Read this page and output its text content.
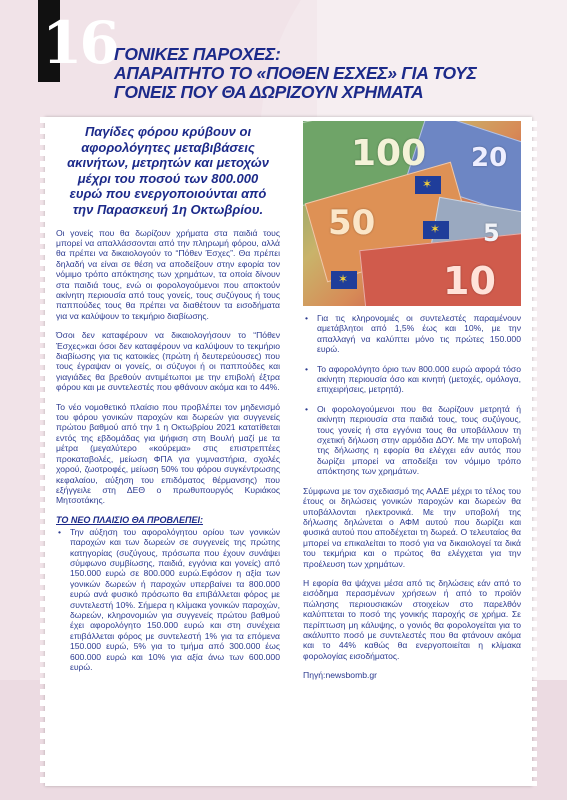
16
ΓΟΝΙΚΕΣ ΠΑΡΟΧΕΣ:
ΑΠΑΡΑΙΤΗΤΟ ΤΟ «ΠΟΘΕΝ ΕΣΧΕΣ» ΓΙΑ ΤΟΥΣ
ΓΟΝΕΙΣ ΠΟΥ ΘΑ ΔΩΡΙΖΟΥΝ ΧΡΗΜΑΤΑ
Παγίδες φόρου κρύβουν οι αφορολόγητες μεταβιβάσεις ακινήτων, μετρητών και μετοχών μέχρι του ποσού των 800.000 ευρώ που ενεργοποιούνται από την Παρασκευή 1η Οκτωβρίου.

Οι γονείς που θα δωρίζουν χρήματα στα παιδιά τους μπορεί να απαλλάσσονται από την πληρωμή φόρου, αλλά θα πρέπει να δικαιολογούν το “Πόθεν Έσχες”. Θα πρέπει δηλαδή να είναι σε θέση να αποδείξουν στην εφορία τον νόμιμο τρόπο απόκτησης των χρημάτων, τα οποία δίνουν στα παιδιά τους, ενώ οι φορολογούμενοι που αποκτούν ακίνητη περιουσία από τους γονείς, τους συζύγους ή τους παππούδες τους θα πρέπει να διαθέτουν τα εισοδήματα για να καλύψουν το τεκμήριο διαβίωσης.

Όσοι δεν καταφέρουν να δικαιολογήσουν το “Πόθεν Έσχες»και όσοι δεν καταφέρουν να καλύψουν το τεκμήριο διαβίωσης για τις κατοικίες (πρώτη ή δευτερεύουσες) που τους έγραψαν οι γονείς, οι σύζυγοι ή οι παππούδες και γιαγιάδες θα βρεθούν αντιμέτωποι με την επιβολή έξτρα φόρου και με συντελεστές που φθάνουν ακόμα και το 44%.

Το νέο νομοθετικό πλαίσιο που προβλέπει τον μηδενισμό του φόρου γονικών παροχών και δωρεών για συγγενείς πρώτου βαθμού από την 1 η Οκτωβρίου 2021 κατατίθεται εντός της εβδομάδας για ψήφιση στη Βουλή μαζί με τα μέτρα (μεγαλύτερο «κούρεμα» στις επιστρεπτέες προκαταβολές, μείωση ΦΠΑ για γυμναστήρια, σχολές χορού, ζωοτροφές, μείωση 50% του φόρου συγκέντρωσης κεφαλαίου, αύξηση του επιδόματος θέρμανσης) που εξήγγειλε στη ΔΕΘ ο πρωθυπουργός Κυριάκος Μητσοτάκης.

ΤΟ ΝΕΟ ΠΛΑΙΣΙΟ ΘΑ ΠΡΟΒΛΕΠΕΙ:

• Την αύξηση του αφορολόγητου ορίου των γονικών παροχών και των δωρεών σε συγγενείς της πρώτης κατηγορίας (συζύγους, πρόσωπα που έχουν συνάψει σύμφωνο συμβίωσης, παιδιά, εγγόνια και γονείς) από 150.000 ευρώ σε 800.000 ευρώ.Εφόσον η αξία των γονικών δωρεών ή παροχών υπερβαίνει τα 800.000 ευρώ ανά φυσικό πρόσωπο θα επιβάλλεται φόρος με συντελεστή 10%. Σήμερα η κλίμακα γονικών παροχών, δωρεών, κληρονομιών για συγγενείς πρώτου βαθμού έχει αφορολόγητο 150.000 ευρώ και στη συνέχεια επιβάλλεται φόρος με συντελεστή 1% για τα επόμενα 150.000 ευρώ, 5% για το τμήμα από 300.000 έως 600.000 ευρώ και 10% για αξία άνω των 600.000 ευρώ.

✶
✶
✶
100 20
50	5
10

• Για τις κληρονομιές οι συντελεστές παραμένουν αμετάβλητοι από 1,5% έως και 10%, με την απαλλαγή να καλύπτει μόνο τις πρώτες 150.000 ευρώ.

• Το αφορολόγητο όριο των 800.000 ευρώ αφορά τόσο ακίνητη περιουσία όσο και κινητή (μετοχές, ομόλογα, επιχειρήσεις, μετρητά).

• Οι φορολογούμενοι που θα δωρίζουν μετρητά ή ακίνητη περιουσία στα παιδιά τους, τους συζύγους, τους γονείς ή στα εγγόνια τους θα υποβάλλουν τη σχετική δήλωση στην αρμόδια ΔΟΥ. Με την υποβολή της δήλωσης η εφορία θα ελέγχει εάν αυτός που δωρίζει μπορεί να αποδείξει τον νόμιμο τρόπο απόκτησης των χρημάτων.

Σύμφωνα με τον σχεδιασμό της ΑΑΔΕ μέχρι το τέλος του έτους οι δηλώσεις γονικών παροχών και δωρεών θα υποβάλλονται ηλεκτρονικά. Με την υποβολή της δήλωσης δηλώνεται ο ΑΦΜ αυτού που δωρίζει και φυσικά αυτού που αποδέχεται τη δωρεά. Ο τελευταίος θα μπορεί να επικαλείται το ποσό για να δικαιολογεί τα δικά του τεκμήρια και ο πρώτος θα ελέγχεται για την προέλευση των χρημάτων.

Η εφορία θα ψάχνει μέσα από τις δηλώσεις εάν από το εισόδημα περασμένων χρήσεων ή από το προϊόν πώλησης περιουσιακών στοιχείων στο παρελθόν καλύπτεται το ποσό της γονικής παροχής σε χρήμα. Σε περίπτωση μη κάλυψης, ο γονιός θα φορολογείται για το ακάλυπτο ποσό με συντελεστές που θα φτάνουν ακόμα και το 44% καθώς θα ενεργοποιείται η κλίμακα φορολογίας εισοδήματος.

Πηγή:newsbomb.gr
